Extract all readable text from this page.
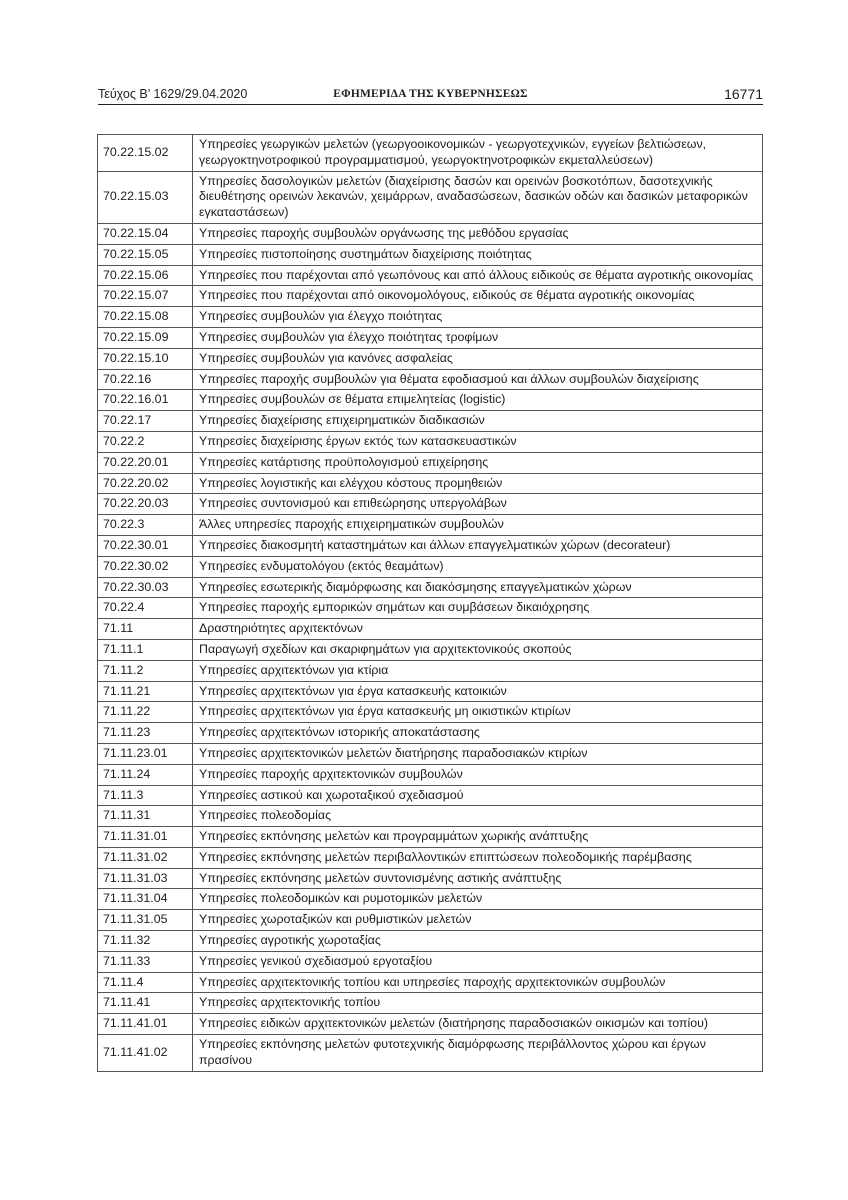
Τεύχος Β’ 1629/29.04.2020	ΕΦΗΜΕΡΙΔΑ ΤΗΣ ΚΥΒΕΡΝΗΣΕΩΣ	16771
70.22.15.02	Υπηρεσίες γεωργικών μελετών (γεωργοοικονομικών - γεωργοτεχνικών, εγγείων βελτιώσεων, γεωργοκτηνοτροφικού προγραμματισμού, γεωργοκτηνοτροφικών εκμεταλλεύσεων)
70.22.15.03	Υπηρεσίες δασολογικών μελετών (διαχείρισης δασών και ορεινών βοσκοτόπων, δασοτεχνικής διευθέτησης ορεινών λεκανών, χειμάρρων, αναδασώσεων, δασικών οδών και δασικών μεταφορικών εγκαταστάσεων)
70.22.15.04	Υπηρεσίες παροχής συμβουλών οργάνωσης της μεθόδου εργασίας
70.22.15.05	Υπηρεσίες πιστοποίησης συστημάτων διαχείρισης ποιότητας
70.22.15.06	Υπηρεσίες που παρέχονται από γεωπόνους και από άλλους ειδικούς σε θέματα αγροτικής οικονομίας
70.22.15.07	Υπηρεσίες που παρέχονται από οικονομολόγους, ειδικούς σε θέματα αγροτικής οικονομίας
70.22.15.08	Υπηρεσίες συμβουλών για έλεγχο ποιότητας
70.22.15.09	Υπηρεσίες συμβουλών για έλεγχο ποιότητας τροφίμων
70.22.15.10	Υπηρεσίες συμβουλών για κανόνες ασφαλείας
70.22.16	Υπηρεσίες παροχής συμβουλών για θέματα εφοδιασμού και άλλων συμβουλών διαχείρισης
70.22.16.01	Υπηρεσίες συμβουλών σε θέματα επιμελητείας (logistic)
70.22.17	Υπηρεσίες διαχείρισης επιχειρηματικών διαδικασιών
70.22.2	Υπηρεσίες διαχείρισης έργων εκτός των κατασκευαστικών
70.22.20.01	Υπηρεσίες κατάρτισης προϋπολογισμού επιχείρησης
70.22.20.02	Υπηρεσίες λογιστικής και ελέγχου κόστους προμηθειών
70.22.20.03	Υπηρεσίες συντονισμού και επιθεώρησης υπεργολάβων
70.22.3	Άλλες υπηρεσίες παροχής επιχειρηματικών συμβουλών
70.22.30.01	Υπηρεσίες διακοσμητή καταστημάτων και άλλων επαγγελματικών χώρων (decorateur)
70.22.30.02	Υπηρεσίες ενδυματολόγου (εκτός θεαμάτων)
70.22.30.03	Υπηρεσίες εσωτερικής διαμόρφωσης και διακόσμησης επαγγελματικών χώρων
70.22.4	Υπηρεσίες παροχής εμπορικών σημάτων και συμβάσεων δικαιόχρησης
71.11	Δραστηριότητες αρχιτεκτόνων
71.11.1	Παραγωγή σχεδίων και σκαριφημάτων για αρχιτεκτονικούς σκοπούς
71.11.2	Υπηρεσίες αρχιτεκτόνων για κτίρια
71.11.21	Υπηρεσίες αρχιτεκτόνων για έργα κατασκευής κατοικιών
71.11.22	Υπηρεσίες αρχιτεκτόνων για έργα κατασκευής μη οικιστικών κτιρίων
71.11.23	Υπηρεσίες αρχιτεκτόνων ιστορικής αποκατάστασης
71.11.23.01	Υπηρεσίες αρχιτεκτονικών μελετών διατήρησης παραδοσιακών κτιρίων
71.11.24	Υπηρεσίες παροχής αρχιτεκτονικών συμβουλών
71.11.3	Υπηρεσίες αστικού και χωροταξικού σχεδιασμού
71.11.31	Υπηρεσίες πολεοδομίας
71.11.31.01	Υπηρεσίες εκπόνησης μελετών και προγραμμάτων χωρικής ανάπτυξης
71.11.31.02	Υπηρεσίες εκπόνησης μελετών περιβαλλοντικών επιπτώσεων πολεοδομικής παρέμβασης
71.11.31.03	Υπηρεσίες εκπόνησης μελετών συντονισμένης αστικής ανάπτυξης
71.11.31.04	Υπηρεσίες πολεοδομικών και ρυμοτομικών μελετών
71.11.31.05	Υπηρεσίες χωροταξικών και ρυθμιστικών μελετών
71.11.32	Υπηρεσίες αγροτικής χωροταξίας
71.11.33	Υπηρεσίες γενικού σχεδιασμού εργοταξίου
71.11.4	Υπηρεσίες αρχιτεκτονικής τοπίου και υπηρεσίες παροχής αρχιτεκτονικών συμβουλών
71.11.41	Υπηρεσίες αρχιτεκτονικής τοπίου
71.11.41.01	Υπηρεσίες ειδικών αρχιτεκτονικών μελετών (διατήρησης παραδοσιακών οικισμών και τοπίου)
71.11.41.02	Υπηρεσίες εκπόνησης μελετών φυτοτεχνικής διαμόρφωσης περιβάλλοντος χώρου και έργων πρασίνου
